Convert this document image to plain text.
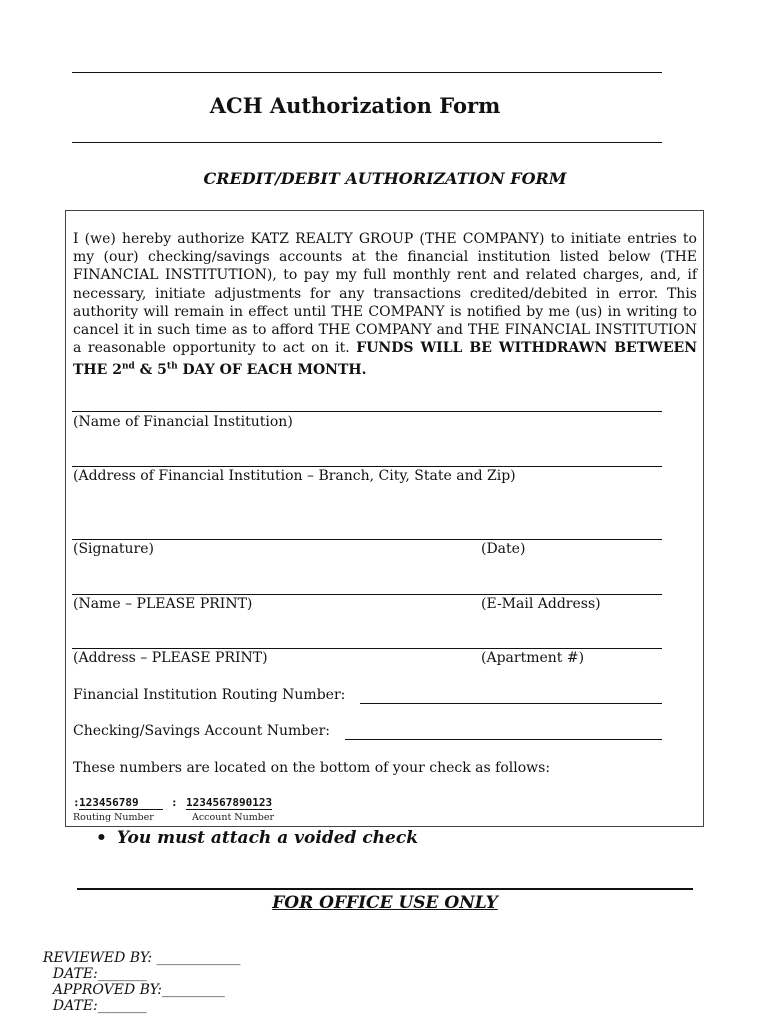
ACH Authorization Form
CREDIT/DEBIT AUTHORIZATION FORM
I (we) hereby authorize KATZ REALTY GROUP (THE COMPANY) to initiate entries to my (our) checking/savings accounts at the financial institution listed below (THE FINANCIAL INSTITUTION), to pay my full monthly rent and related charges, and, if necessary, initiate adjustments for any transactions credited/debited in error. This authority will remain in effect until THE COMPANY is notified by me (us) in writing to cancel it in such time as to afford THE COMPANY and THE FINANCIAL INSTITUTION a reasonable opportunity to act on it. FUNDS WILL BE WITHDRAWN BETWEEN THE 2nd & 5th DAY OF EACH MONTH.
(Name of Financial Institution)
(Address of Financial Institution – Branch, City, State and Zip)
(Signature)	(Date)
(Name – PLEASE PRINT)	(E-Mail Address)
(Address – PLEASE PRINT)	(Apartment #)
Financial Institution Routing Number:
Checking/Savings Account Number:
These numbers are located on the bottom of your check as follows:
: 123456789	: 1234567890123
Routing Number	Account Number
• You must attach a voided check
FOR OFFICE USE ONLY

REVIEWED BY: ____________
DATE:_______
APPROVED BY:_________
DATE:_______
